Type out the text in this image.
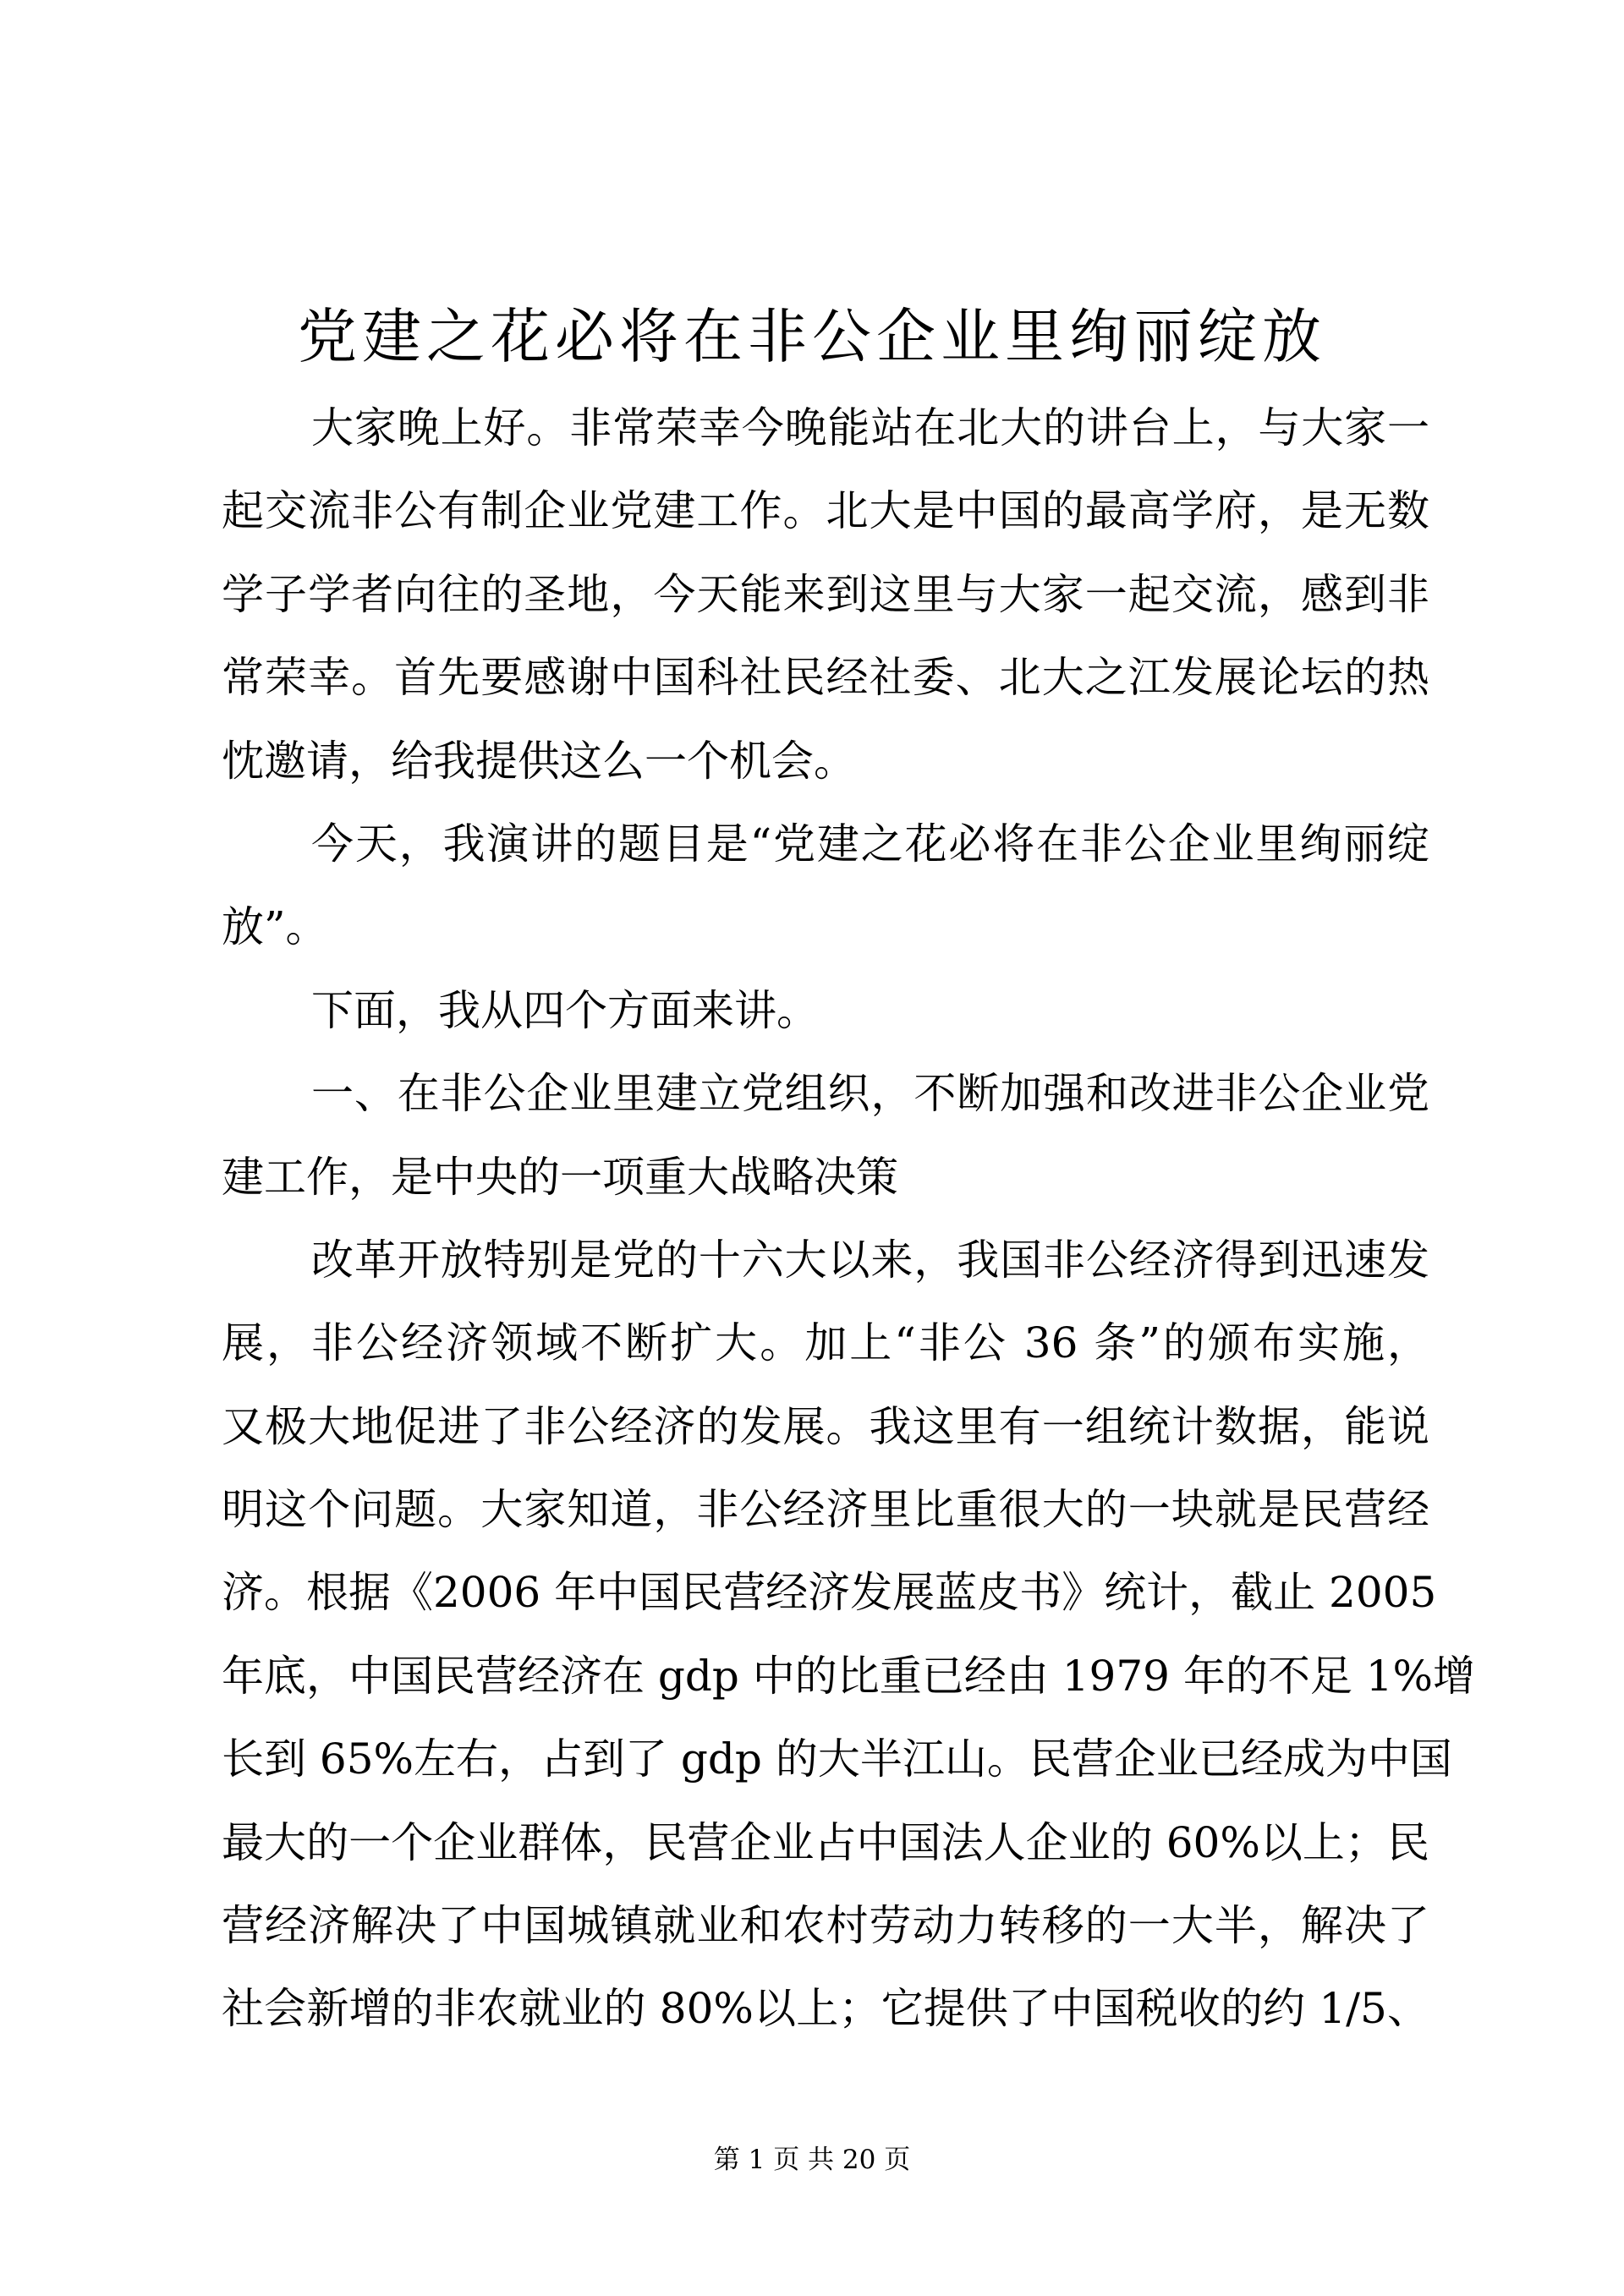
党建之花必将在非公企业里绚丽绽放
大家晚上好。非常荣幸今晚能站在北大的讲台上，与大家一
起交流非公有制企业党建工作。北大是中国的最高学府，是无数
学子学者向往的圣地，今天能来到这里与大家一起交流，感到非
常荣幸。首先要感谢中国科社民经社委、北大之江发展论坛的热
忱邀请，给我提供这么一个机会。
今天，我演讲的题目是“党建之花必将在非公企业里绚丽绽
放”。
下面，我从四个方面来讲。
一、在非公企业里建立党组织，不断加强和改进非公企业党
建工作，是中央的一项重大战略决策
改革开放特别是党的十六大以来，我国非公经济得到迅速发
展，非公经济领域不断扩大。加上“非公 36 条”的颁布实施，
又极大地促进了非公经济的发展。我这里有一组统计数据，能说
明这个问题。大家知道，非公经济里比重很大的一块就是民营经
济。根据《2006 年中国民营经济发展蓝皮书》统计，截止 2005
年底，中国民营经济在 gdp 中的比重已经由 1979 年的不足 1%增
长到 65%左右，占到了 gdp 的大半江山。民营企业已经成为中国
最大的一个企业群体，民营企业占中国法人企业的 60%以上；民
营经济解决了中国城镇就业和农村劳动力转移的一大半，解决了
社会新增的非农就业的 80%以上；它提供了中国税收的约 1/5、
第 1 页 共 20 页
